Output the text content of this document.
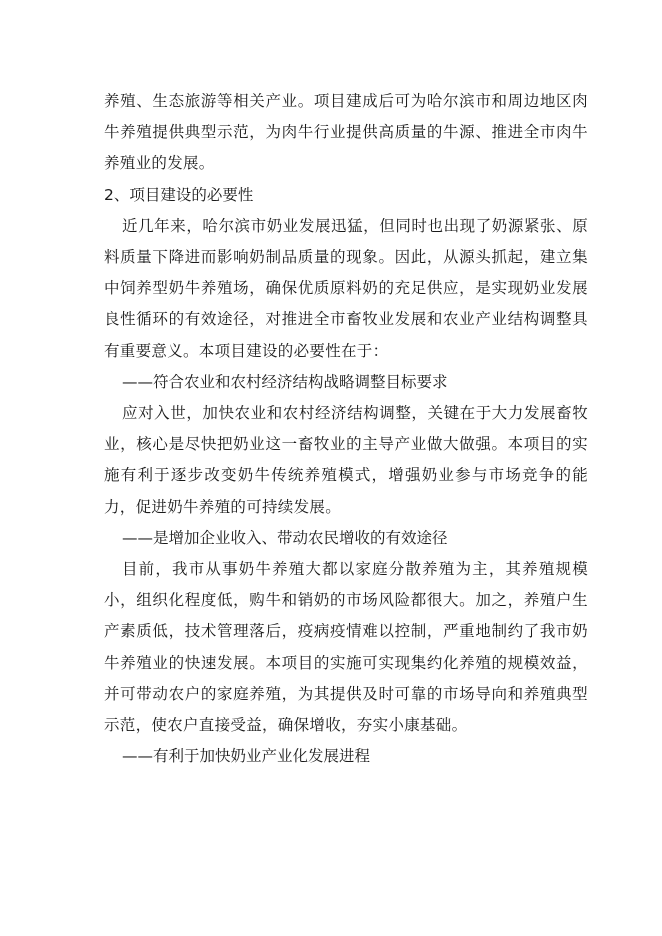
养殖、生态旅游等相关产业。项目建成后可为哈尔滨市和周边地区肉牛养殖提供典型示范，为肉牛行业提供高质量的牛源、推进全市肉牛养殖业的发展。

2、项目建设的必要性

近几年来，哈尔滨市奶业发展迅猛，但同时也出现了奶源紧张、原料质量下降进而影响奶制品质量的现象。因此，从源头抓起，建立集中饲养型奶牛养殖场，确保优质原料奶的充足供应，是实现奶业发展良性循环的有效途径，对推进全市畜牧业发展和农业产业结构调整具有重要意义。本项目建设的必要性在于：

——符合农业和农村经济结构战略调整目标要求

应对入世，加快农业和农村经济结构调整，关键在于大力发展畜牧业，核心是尽快把奶业这一畜牧业的主导产业做大做强。本项目的实施有利于逐步改变奶牛传统养殖模式，增强奶业参与市场竞争的能力，促进奶牛养殖的可持续发展。

——是增加企业收入、带动农民增收的有效途径

目前，我市从事奶牛养殖大都以家庭分散养殖为主，其养殖规模小，组织化程度低，购牛和销奶的市场风险都很大。加之，养殖户生产素质低，技术管理落后，疫病疫情难以控制，严重地制约了我市奶牛养殖业的快速发展。本项目的实施可实现集约化养殖的规模效益，并可带动农户的家庭养殖，为其提供及时可靠的市场导向和养殖典型示范，使农户直接受益，确保增收，夯实小康基础。

——有利于加快奶业产业化发展进程
